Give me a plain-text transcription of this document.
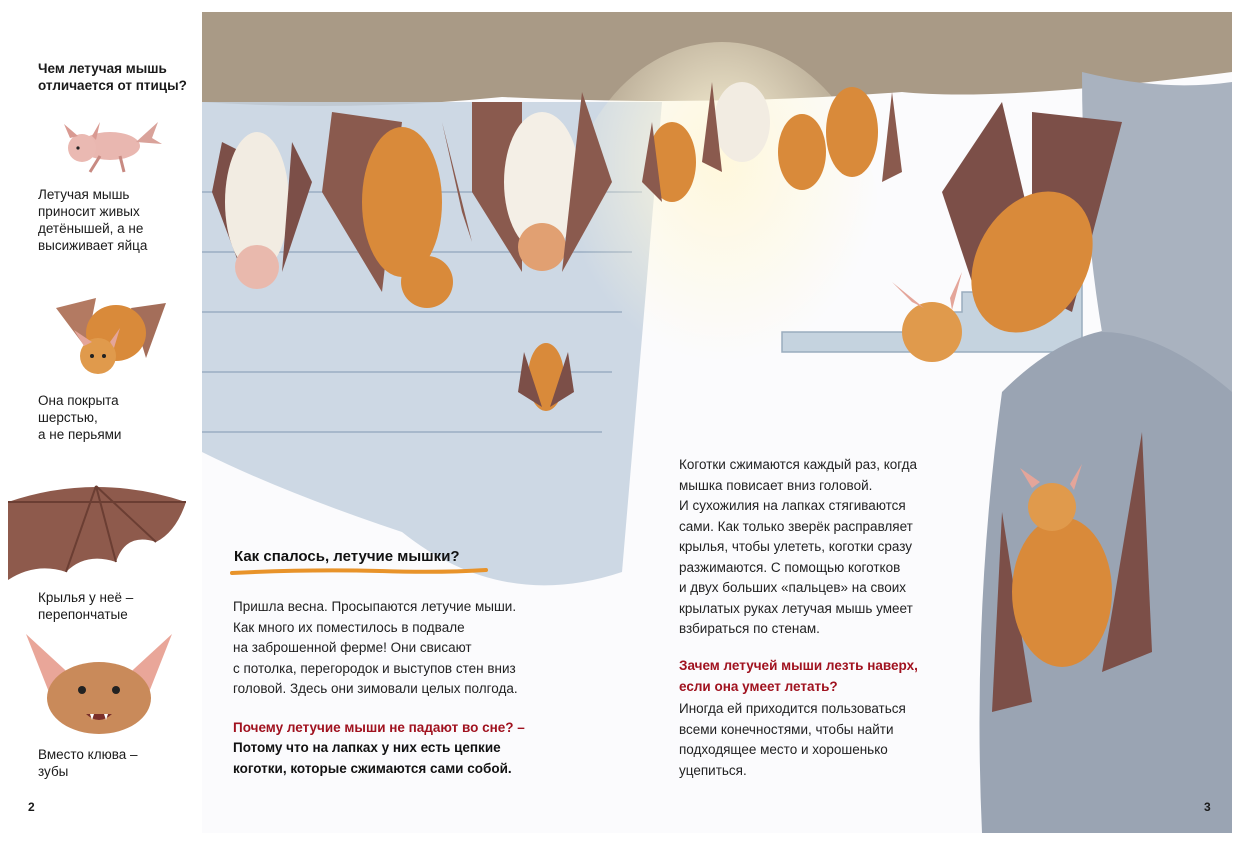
Чем летучая мышь
отличается от птицы?
Летучая мышь
приносит живых
детёнышей, а не
высиживает яйца
Она покрыта
шерстью,
а не перьями
Крылья у неё –
перепончатые
Вместо клюва –
зубы
2
Как спалось, летучие мышки?
Пришла весна. Просыпаются летучие мыши.
Как много их поместилось в подвале
на заброшенной ферме! Они свисают
с потолка, перегородок и выступов стен вниз
головой. Здесь они зимовали целых полгода.
Почему летучие мыши не падают во сне? –
Потому что на лапках у них есть цепкие
коготки, которые сжимаются сами собой.
Коготки сжимаются каждый раз, когда
мышка повисает вниз головой.
И сухожилия на лапках стягиваются
сами. Как только зверёк расправляет
крылья, чтобы улететь, коготки сразу
разжимаются. С помощью коготков
и двух больших «пальцев» на своих
крылатых руках летучая мышь умеет
взбираться по стенам.
Зачем летучей мыши лезть наверх,
если она умеет летать?
Иногда ей приходится пользоваться
всеми конечностями, чтобы найти
подходящее место и хорошенько
уцепиться.
3
